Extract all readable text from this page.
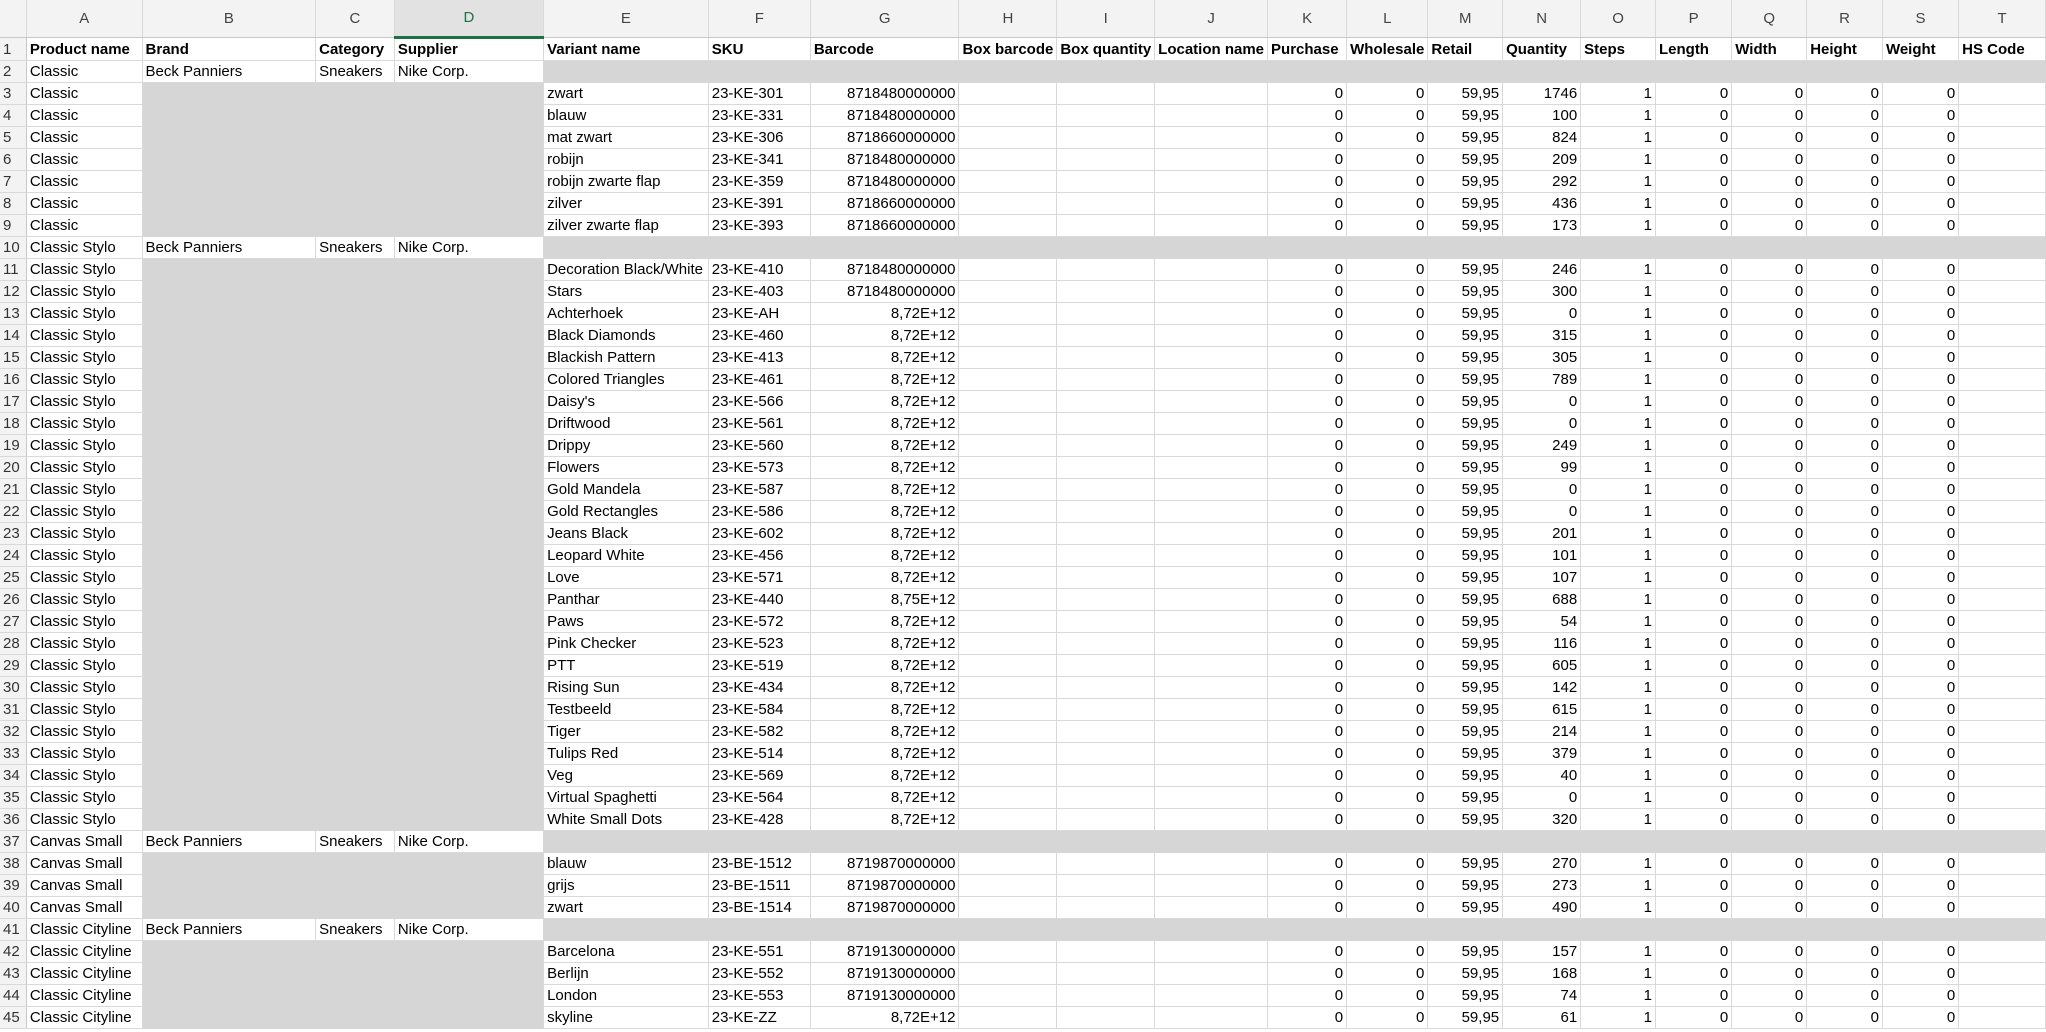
	A	B	C	D	E	F	G	H	I	J	K	L	M	N	O	P	Q	R	S	T
1	Product name	Brand	Category	Supplier	Variant name	SKU	Barcode	Box barcode	Box quantity	Location name	Purchase	Wholesale	Retail	Quantity	Steps	Length	Width	Height	Weight	HS Code
2	Classic	Beck Panniers	Sneakers	Nike Corp.																
3	Classic				zwart	23-KE-301	8718480000000				0	0	59,95	1746	1	0	0	0	0	
4	Classic				blauw	23-KE-331	8718480000000				0	0	59,95	100	1	0	0	0	0	
5	Classic				mat zwart	23-KE-306	8718660000000				0	0	59,95	824	1	0	0	0	0	
6	Classic				robijn	23-KE-341	8718480000000				0	0	59,95	209	1	0	0	0	0	
7	Classic				robijn zwarte flap	23-KE-359	8718480000000				0	0	59,95	292	1	0	0	0	0	
8	Classic				zilver	23-KE-391	8718660000000				0	0	59,95	436	1	0	0	0	0	
9	Classic				zilver zwarte flap	23-KE-393	8718660000000				0	0	59,95	173	1	0	0	0	0	
10	Classic Stylo	Beck Panniers	Sneakers	Nike Corp.																
11	Classic Stylo				Decoration Black/White	23-KE-410	8718480000000				0	0	59,95	246	1	0	0	0	0	
12	Classic Stylo				Stars	23-KE-403	8718480000000				0	0	59,95	300	1	0	0	0	0	
13	Classic Stylo				Achterhoek	23-KE-AH	8,72E+12				0	0	59,95	0	1	0	0	0	0	
14	Classic Stylo				Black Diamonds	23-KE-460	8,72E+12				0	0	59,95	315	1	0	0	0	0	
15	Classic Stylo				Blackish Pattern	23-KE-413	8,72E+12				0	0	59,95	305	1	0	0	0	0	
16	Classic Stylo				Colored Triangles	23-KE-461	8,72E+12				0	0	59,95	789	1	0	0	0	0	
17	Classic Stylo				Daisy's	23-KE-566	8,72E+12				0	0	59,95	0	1	0	0	0	0	
18	Classic Stylo				Driftwood	23-KE-561	8,72E+12				0	0	59,95	0	1	0	0	0	0	
19	Classic Stylo				Drippy	23-KE-560	8,72E+12				0	0	59,95	249	1	0	0	0	0	
20	Classic Stylo				Flowers	23-KE-573	8,72E+12				0	0	59,95	99	1	0	0	0	0	
21	Classic Stylo				Gold Mandela	23-KE-587	8,72E+12				0	0	59,95	0	1	0	0	0	0	
22	Classic Stylo				Gold Rectangles	23-KE-586	8,72E+12				0	0	59,95	0	1	0	0	0	0	
23	Classic Stylo				Jeans Black	23-KE-602	8,72E+12				0	0	59,95	201	1	0	0	0	0	
24	Classic Stylo				Leopard White	23-KE-456	8,72E+12				0	0	59,95	101	1	0	0	0	0	
25	Classic Stylo				Love	23-KE-571	8,72E+12				0	0	59,95	107	1	0	0	0	0	
26	Classic Stylo				Panthar	23-KE-440	8,75E+12				0	0	59,95	688	1	0	0	0	0	
27	Classic Stylo				Paws	23-KE-572	8,72E+12				0	0	59,95	54	1	0	0	0	0	
28	Classic Stylo				Pink Checker	23-KE-523	8,72E+12				0	0	59,95	116	1	0	0	0	0	
29	Classic Stylo				PTT	23-KE-519	8,72E+12				0	0	59,95	605	1	0	0	0	0	
30	Classic Stylo				Rising Sun	23-KE-434	8,72E+12				0	0	59,95	142	1	0	0	0	0	
31	Classic Stylo				Testbeeld	23-KE-584	8,72E+12				0	0	59,95	615	1	0	0	0	0	
32	Classic Stylo				Tiger	23-KE-582	8,72E+12				0	0	59,95	214	1	0	0	0	0	
33	Classic Stylo				Tulips Red	23-KE-514	8,72E+12				0	0	59,95	379	1	0	0	0	0	
34	Classic Stylo				Veg	23-KE-569	8,72E+12				0	0	59,95	40	1	0	0	0	0	
35	Classic Stylo				Virtual Spaghetti	23-KE-564	8,72E+12				0	0	59,95	0	1	0	0	0	0	
36	Classic Stylo				White Small Dots	23-KE-428	8,72E+12				0	0	59,95	320	1	0	0	0	0	
37	Canvas Small	Beck Panniers	Sneakers	Nike Corp.																
38	Canvas Small				blauw	23-BE-1512	8719870000000				0	0	59,95	270	1	0	0	0	0	
39	Canvas Small				grijs	23-BE-1511	8719870000000				0	0	59,95	273	1	0	0	0	0	
40	Canvas Small				zwart	23-BE-1514	8719870000000				0	0	59,95	490	1	0	0	0	0	
41	Classic Cityline	Beck Panniers	Sneakers	Nike Corp.																
42	Classic Cityline				Barcelona	23-KE-551	8719130000000				0	0	59,95	157	1	0	0	0	0	
43	Classic Cityline				Berlijn	23-KE-552	8719130000000				0	0	59,95	168	1	0	0	0	0	
44	Classic Cityline				London	23-KE-553	8719130000000				0	0	59,95	74	1	0	0	0	0	
45	Classic Cityline				skyline	23-KE-ZZ	8,72E+12				0	0	59,95	61	1	0	0	0	0	
